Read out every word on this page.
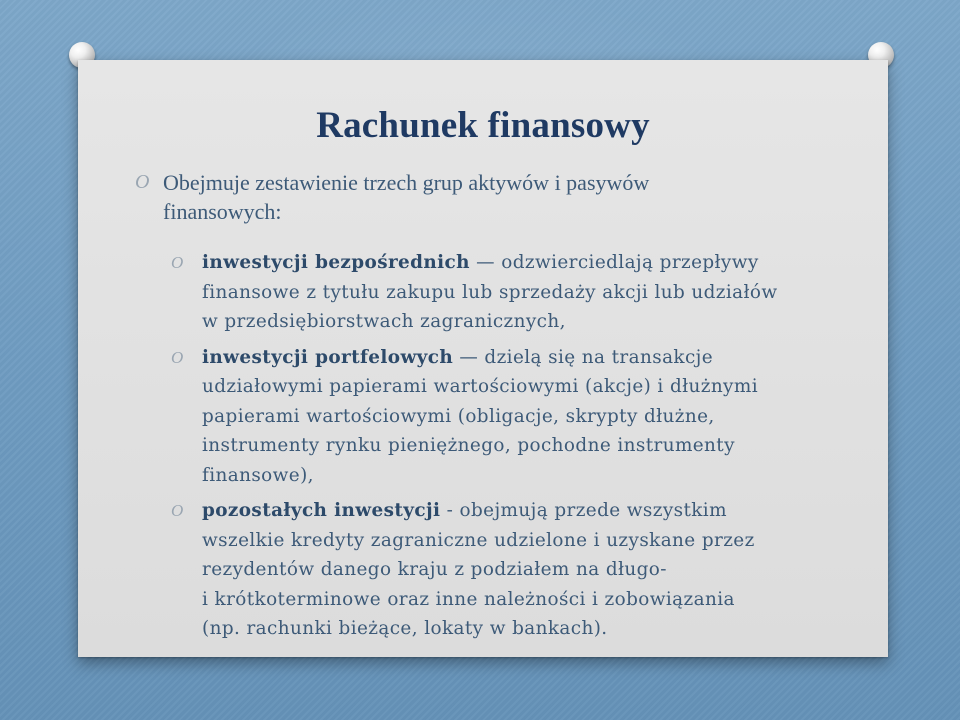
Rachunek finansowy

O Obejmuje zestawienie trzech grup aktywów i pasywów
finansowych:

O inwestycji bezpośrednich — odzwierciedlają przepływy
finansowe z tytułu zakupu lub sprzedaży akcji lub udziałów
w przedsiębiorstwach zagranicznych,

O inwestycji portfelowych — dzielą się na transakcje
udziałowymi papierami wartościowymi (akcje) i dłużnymi
papierami wartościowymi (obligacje, skrypty dłużne,
instrumenty rynku pieniężnego, pochodne instrumenty
finansowe),

O pozostałych inwestycji - obejmują przede wszystkim
wszelkie kredyty zagraniczne udzielone i uzyskane przez
rezydentów danego kraju z podziałem na długo-
i krótkoterminowe oraz inne należności i zobowiązania
(np. rachunki bieżące, lokaty w bankach).
